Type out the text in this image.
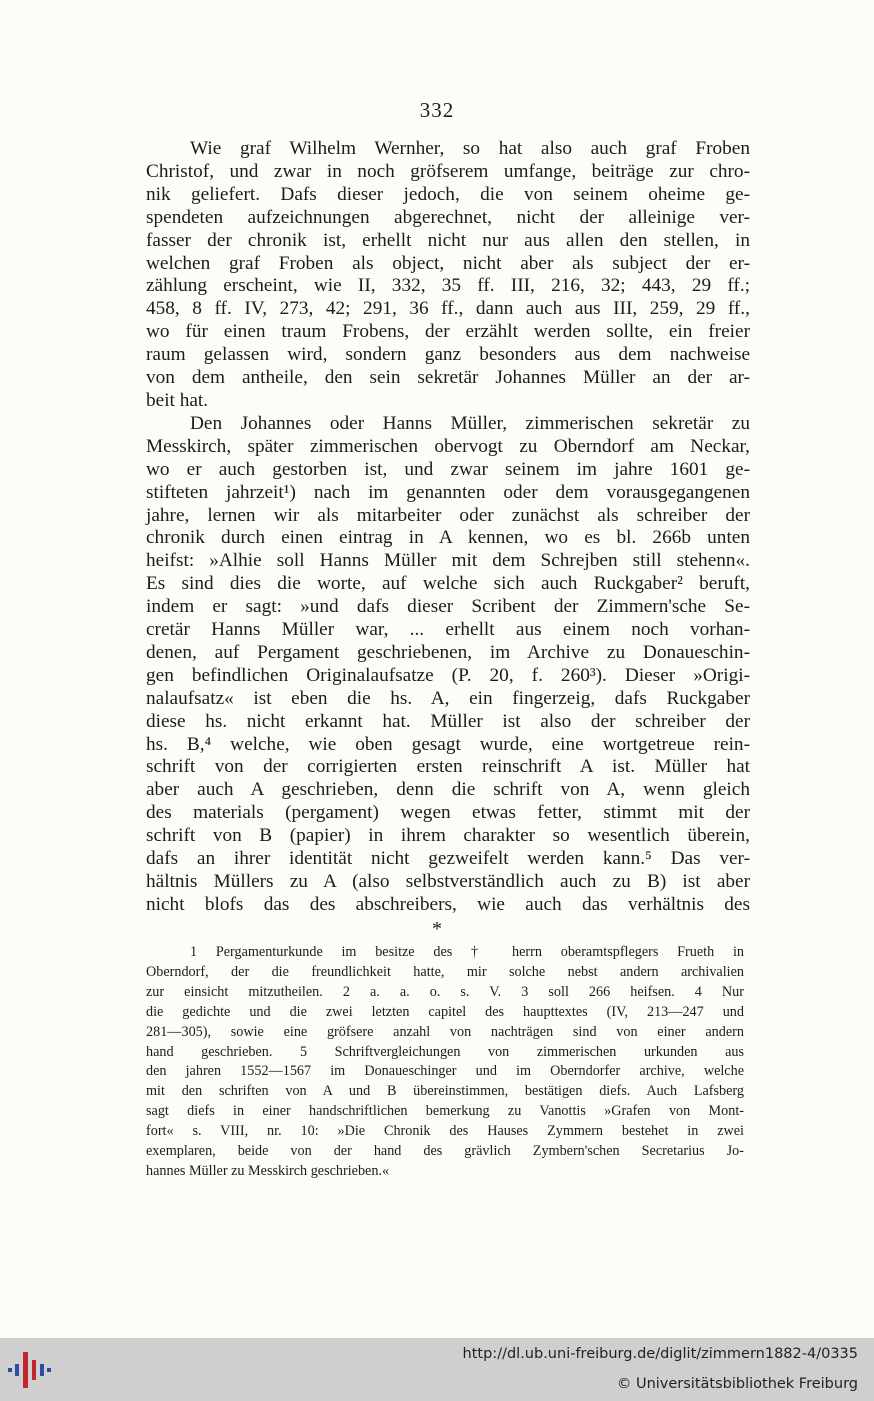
332
Wie graf Wilhelm Wernher, so hat also auch graf Froben
Christof, und zwar in noch gröfserem umfange, beiträge zur chro-
nik geliefert. Dafs dieser jedoch, die von seinem oheime ge-
spendeten aufzeichnungen abgerechnet, nicht der alleinige ver-
fasser der chronik ist, erhellt nicht nur aus allen den stellen, in
welchen graf Froben als object, nicht aber als subject der er-
zählung erscheint, wie II, 332, 35 ff. III, 216, 32; 443, 29 ff.;
458, 8 ff. IV, 273, 42; 291, 36 ff., dann auch aus III, 259, 29 ff.,
wo für einen traum Frobens, der erzählt werden sollte, ein freier
raum gelassen wird, sondern ganz besonders aus dem nachweise
von dem antheile, den sein sekretär Johannes Müller an der ar-
beit hat.
Den Johannes oder Hanns Müller, zimmerischen sekretär zu
Messkirch, später zimmerischen obervogt zu Oberndorf am Neckar,
wo er auch gestorben ist, und zwar seinem im jahre 1601 ge-
stifteten jahrzeit¹) nach im genannten oder dem vorausgegangenen
jahre, lernen wir als mitarbeiter oder zunächst als schreiber der
chronik durch einen eintrag in A kennen, wo es bl. 266b unten
heifst: »Alhie soll Hanns Müller mit dem Schrejben still stehenn«.
Es sind dies die worte, auf welche sich auch Ruckgaber² beruft,
indem er sagt: »und dafs dieser Scribent der Zimmern'sche Se-
cretär Hanns Müller war, ... erhellt aus einem noch vorhan-
denen, auf Pergament geschriebenen, im Archive zu Donaueschin-
gen befindlichen Originalaufsatze (P. 20, f. 260³). Dieser »Origi-
nalaufsatz« ist eben die hs. A, ein fingerzeig, dafs Ruckgaber
diese hs. nicht erkannt hat. Müller ist also der schreiber der
hs. B,⁴ welche, wie oben gesagt wurde, eine wortgetreue rein-
schrift von der corrigierten ersten reinschrift A ist. Müller hat
aber auch A geschrieben, denn die schrift von A, wenn gleich
des materials (pergament) wegen etwas fetter, stimmt mit der
schrift von B (papier) in ihrem charakter so wesentlich überein,
dafs an ihrer identität nicht gezweifelt werden kann.⁵ Das ver-
hältnis Müllers zu A (also selbstverständlich auch zu B) ist aber
nicht blofs das des abschreibers, wie auch das verhältnis des
*
1 Pergamenturkunde im besitze des † herrn oberamtspflegers Frueth in
Oberndorf, der die freundlichkeit hatte, mir solche nebst andern archivalien
zur einsicht mitzutheilen. 2 a. a. o. s. V. 3 soll 266 heifsen. 4 Nur
die gedichte und die zwei letzten capitel des haupttextes (IV, 213—247 und
281—305), sowie eine gröfsere anzahl von nachträgen sind von einer andern
hand geschrieben. 5 Schriftvergleichungen von zimmerischen urkunden aus
den jahren 1552—1567 im Donaueschinger und im Oberndorfer archive, welche
mit den schriften von A und B übereinstimmen, bestätigen diefs. Auch Lafsberg
sagt diefs in einer handschriftlichen bemerkung zu Vanottis »Grafen von Mont-
fort« s. VIII, nr. 10: »Die Chronik des Hauses Zymmern bestehet in zwei
exemplaren, beide von der hand des grävlich Zymbern'schen Secretarius Jo-
hannes Müller zu Messkirch geschrieben.«
http://dl.ub.uni-freiburg.de/diglit/zimmern1882-4/0335
© Universitätsbibliothek Freiburg
